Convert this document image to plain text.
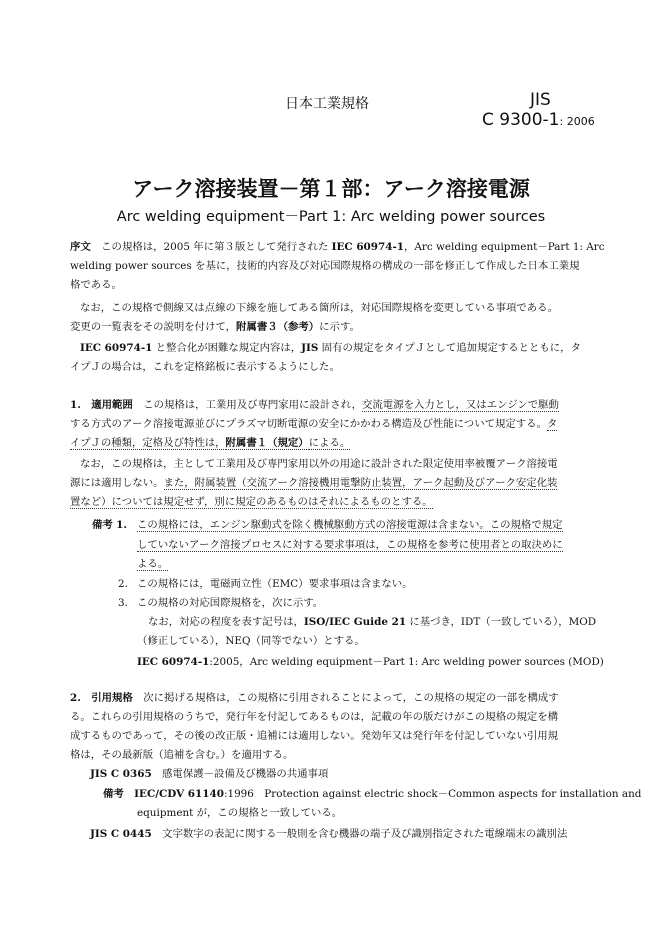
日本工業規格	JIS
C 9300-1: 2006
アーク溶接装置－第１部：アーク溶接電源
Arc welding equipment－Part 1: Arc welding power sources
序文　 この規格は，2005 年に第３版として発行された IEC 60974-1，Arc welding equipment－Part 1: Arc
welding power sources を基に，技術的内容及び対応国際規格の構成の一部を修正して作成した日本工業規
格である。
なお，この規格で側線又は点線の下線を施してある箇所は，対応国際規格を変更している事項である。
変更の一覧表をその説明を付けて，附属書３（参考）に示す。
IEC 60974-1 と整合化が困難な規定内容は，JIS 固有の規定をタイプＪとして追加規定するとともに，タ
イプＪの場合は，これを定格銘板に表示するようにした。
1.　 適用範囲　 この規格は，工業用及び専門家用に設計され，交流電源を入力とし，又はエンジンで駆動
する方式のアーク溶接電源並びにプラズマ切断電源の安全にかかわる構造及び性能について規定する。タ
イプＪの種類，定格及び特性は，附属書１（規定）による。
なお，この規格は，主として工業用及び専門家用以外の用途に設計された限定使用率被覆アーク溶接電
源には適用しない。また，附属装置（交流アーク溶接機用電撃防止装置，アーク起動及びアーク安定化装
置など）については規定せず，別に規定のあるものはそれによるものとする。
備考 1. この規格には，エンジン駆動式を除く機械駆動方式の溶接電源は含まない。この規格で規定
していないアーク溶接プロセスに対する要求事項は，この規格を参考に使用者との取決めに
よる。
2. この規格には，電磁両立性（EMC）要求事項は含まない。
3. この規格の対応国際規格を，次に示す。
なお，対応の程度を表す記号は，ISO/IEC Guide 21 に基づき，IDT（一致している），MOD
（修正している），NEQ（同等でない）とする。
IEC 60974-1:2005，Arc welding equipment－Part 1: Arc welding power sources (MOD)
2.　 引用規格　 次に掲げる規格は，この規格に引用されることによって，この規格の規定の一部を構成す
る。これらの引用規格のうちで，発行年を付記してあるものは，記載の年の版だけがこの規格の規定を構
成するものであって，その後の改正版・追補には適用しない。発効年又は発行年を付記していない引用規
格は，その最新版（追補を含む。）を適用する。
JIS C 0365　 感電保護－設備及び機器の共通事項
備考　 IEC/CDV 61140:1996　Protection against electric shock－Common aspects for installation and
equipment が，この規格と一致している。
JIS C 0445　 文字数字の表記に関する一般則を含む機器の端子及び識別指定された電線端末の識別法
